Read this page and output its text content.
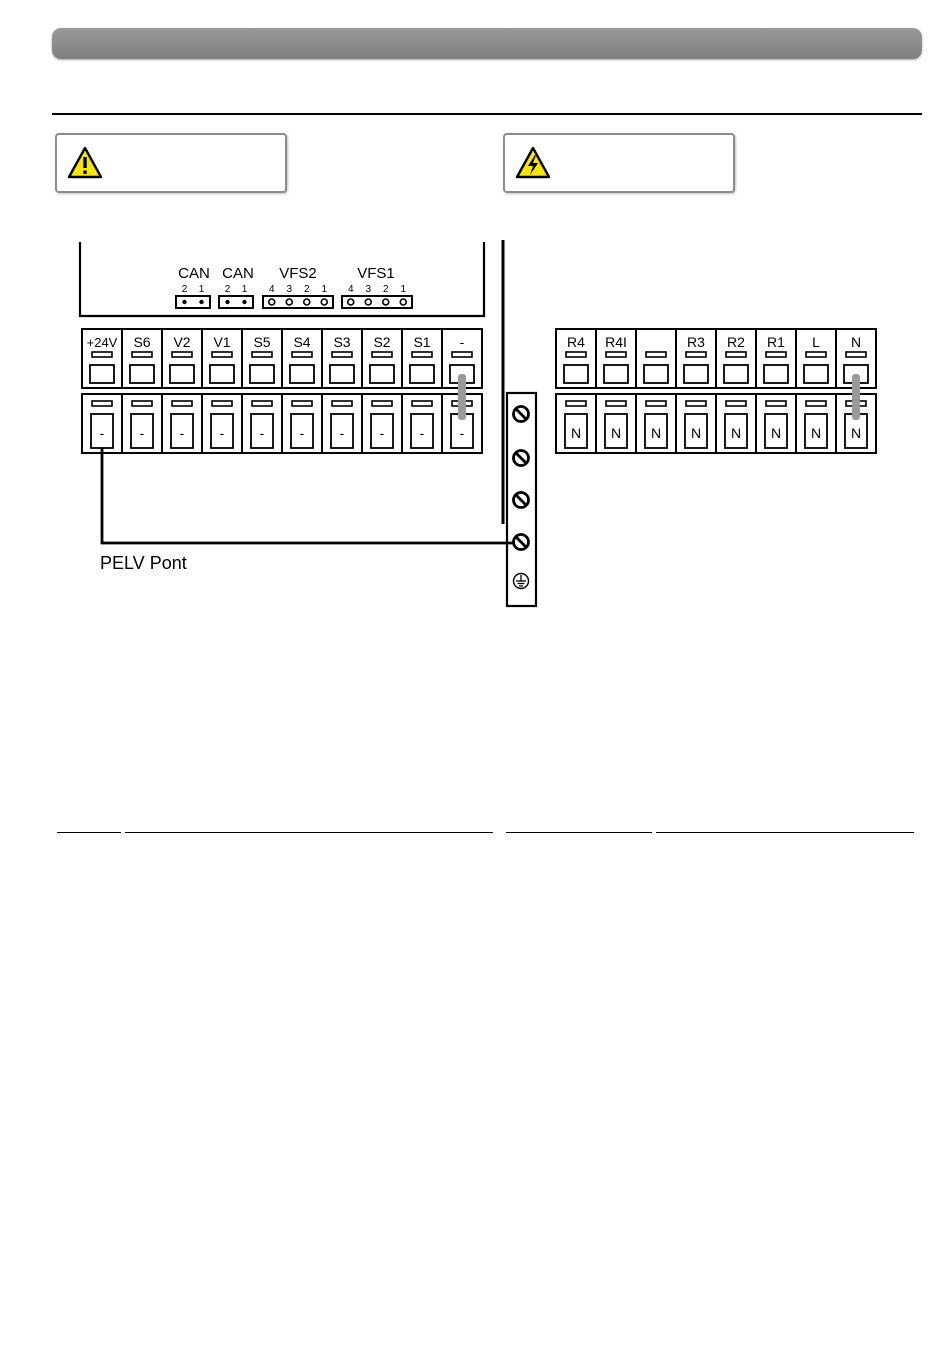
CAN
2 1
CAN
2 1
VFS2
4 3 2 1
VFS1
4 3 2 1
+24V
-
S6
-
V2
-
V1
-
S5
-
S4
-
S3
-
S2
-
S1
-
-
-
R4
N
R4I
N N
R3
N
R2
N
R1
N
L
N
N
N
PELV Pont
